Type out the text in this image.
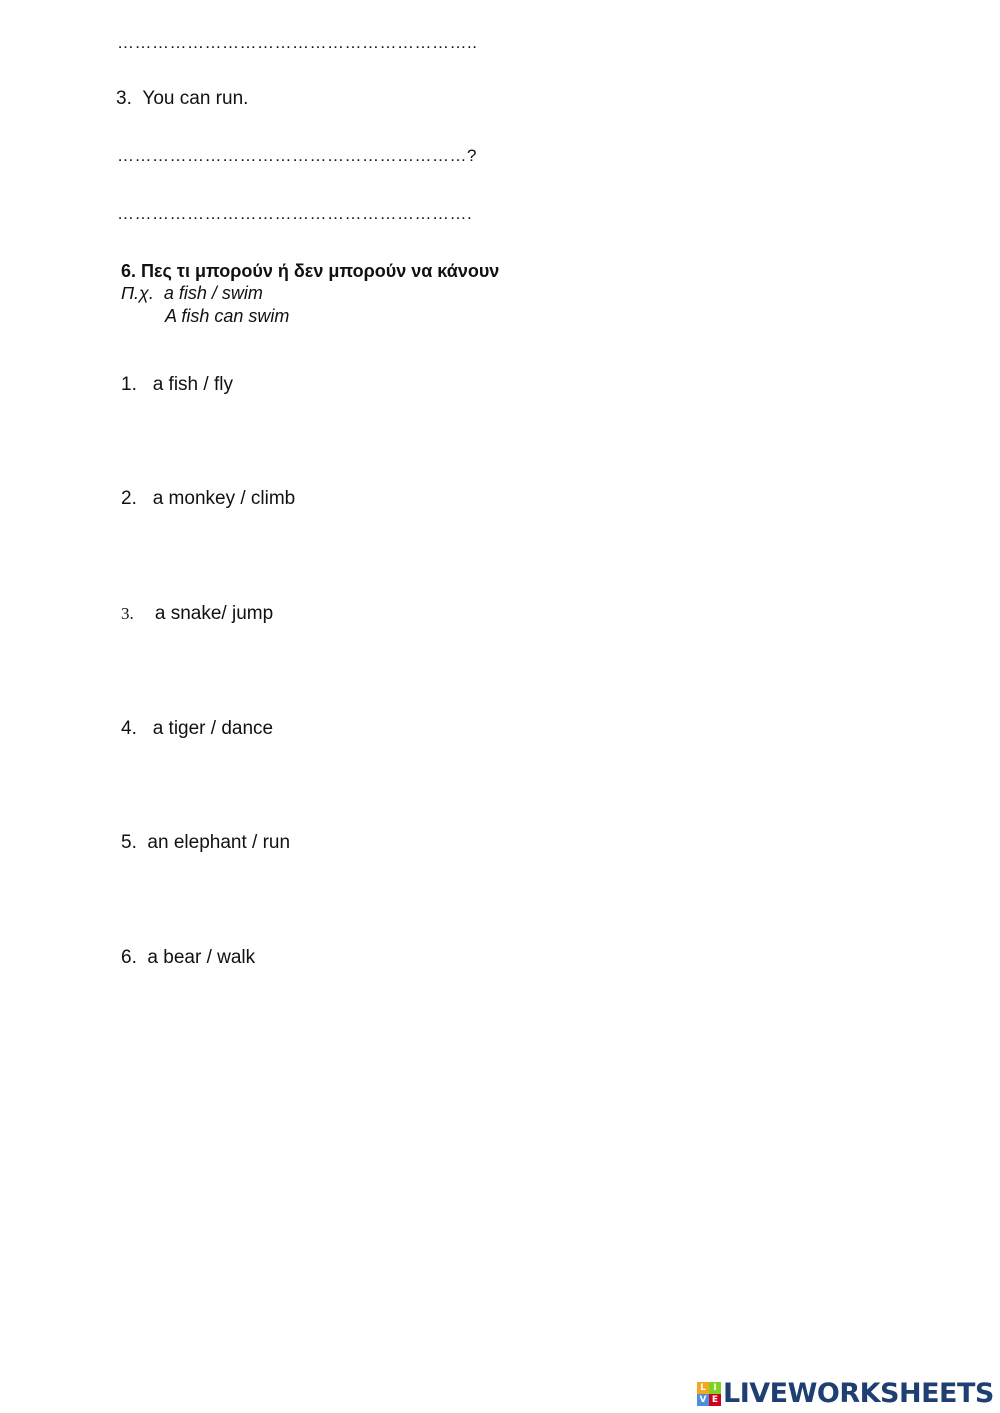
……………………………………………………..
3. You can run.
……………………………………………………?
…………………………………………………….
6. Πες τι μπορούν ή δεν μπορούν να κάνουν
Π.χ. a fish / swim
A fish can swim
1. a fish / fly
2. a monkey / climb
3. a snake/ jump
4. a tiger / dance
5. an elephant / run
6. a bear / walk
L I
V E LIVEWORKSHEETS
